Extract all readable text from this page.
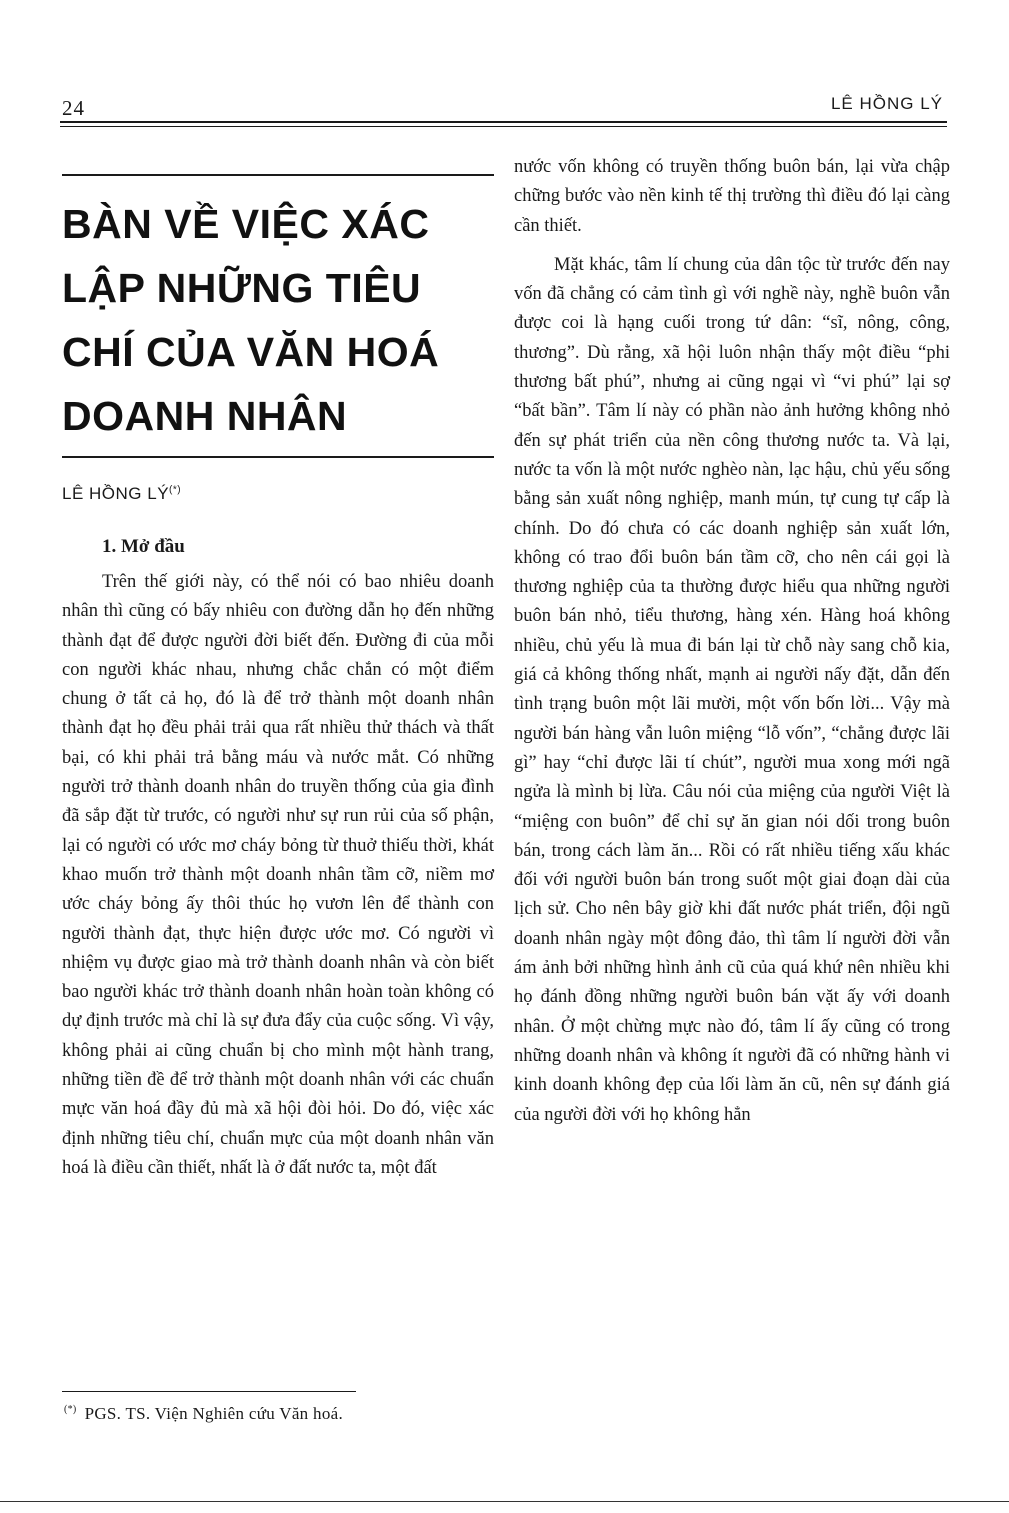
24	LÊ HỒNG LÝ
BÀN VỀ VIỆC XÁC
LẬP NHỮNG TIÊU
CHÍ CỦA VĂN HOÁ
DOANH NHÂN
LÊ HỒNG LÝ(*)
1. Mở đầu

Trên thế giới này, có thể nói có bao nhiêu doanh nhân thì cũng có bấy nhiêu con đường dẫn họ đến những thành đạt để được người đời biết đến. Đường đi của mỗi con người khác nhau, nhưng chắc chắn có một điểm chung ở tất cả họ, đó là để trở thành một doanh nhân thành đạt họ đều phải trải qua rất nhiều thử thách và thất bại, có khi phải trả bằng máu và nước mắt. Có những người trở thành doanh nhân do truyền thống của gia đình đã sắp đặt từ trước, có người như sự run rủi của số phận, lại có người có ước mơ cháy bỏng từ thuở thiếu thời, khát khao muốn trở thành một doanh nhân tầm cỡ, niềm mơ ước cháy bỏng ấy thôi thúc họ vươn lên để thành con người thành đạt, thực hiện được ước mơ. Có người vì nhiệm vụ được giao mà trở thành doanh nhân và còn biết bao người khác trở thành doanh nhân hoàn toàn không có dự định trước mà chỉ là sự đưa đẩy của cuộc sống. Vì vậy, không phải ai cũng chuẩn bị cho mình một hành trang, những tiền đề để trở thành một doanh nhân với các chuẩn mực văn hoá đầy đủ mà xã hội đòi hỏi. Do đó, việc xác định những tiêu chí, chuẩn mực của một doanh nhân văn hoá là điều cần thiết, nhất là ở đất nước ta, một đất

nước vốn không có truyền thống buôn bán, lại vừa chập chững bước vào nền kinh tế thị trường thì điều đó lại càng cần thiết.

Mặt khác, tâm lí chung của dân tộc từ trước đến nay vốn đã chẳng có cảm tình gì với nghề này, nghề buôn vẫn được coi là hạng cuối trong tứ dân: “sĩ, nông, công, thương”. Dù rằng, xã hội luôn nhận thấy một điều “phi thương bất phú”, nhưng ai cũng ngại vì “vi phú” lại sợ “bất bần”. Tâm lí này có phần nào ảnh hưởng không nhỏ đến sự phát triển của nền công thương nước ta. Và lại, nước ta vốn là một nước nghèo nàn, lạc hậu, chủ yếu sống bằng sản xuất nông nghiệp, manh mún, tự cung tự cấp là chính. Do đó chưa có các doanh nghiệp sản xuất lớn, không có trao đổi buôn bán tầm cỡ, cho nên cái gọi là thương nghiệp của ta thường được hiểu qua những người buôn bán nhỏ, tiểu thương, hàng xén. Hàng hoá không nhiều, chủ yếu là mua đi bán lại từ chỗ này sang chỗ kia, giá cả không thống nhất, mạnh ai người nấy đặt, dẫn đến tình trạng buôn một lãi mười, một vốn bốn lời... Vậy mà người bán hàng vẫn luôn miệng “lỗ vốn”, “chẳng được lãi gì” hay “chỉ được lãi tí chút”, người mua xong mới ngã ngửa là mình bị lừa. Câu nói của miệng của người Việt là “miệng con buôn” để chỉ sự ăn gian nói dối trong buôn bán, trong cách làm ăn... Rồi có rất nhiều tiếng xấu khác đối với người buôn bán trong suốt một giai đoạn dài của lịch sử. Cho nên bây giờ khi đất nước phát triển, đội ngũ doanh nhân ngày một đông đảo, thì tâm lí người đời vẫn ám ảnh bởi những hình ảnh cũ của quá khứ nên nhiều khi họ đánh đồng những người buôn bán vặt ấy với doanh nhân. Ở một chừng mực nào đó, tâm lí ấy cũng có trong những doanh nhân và không ít người đã có những hành vi kinh doanh không đẹp của lối làm ăn cũ, nên sự đánh giá của người đời với họ không hẳn

(*) PGS. TS. Viện Nghiên cứu Văn hoá.
